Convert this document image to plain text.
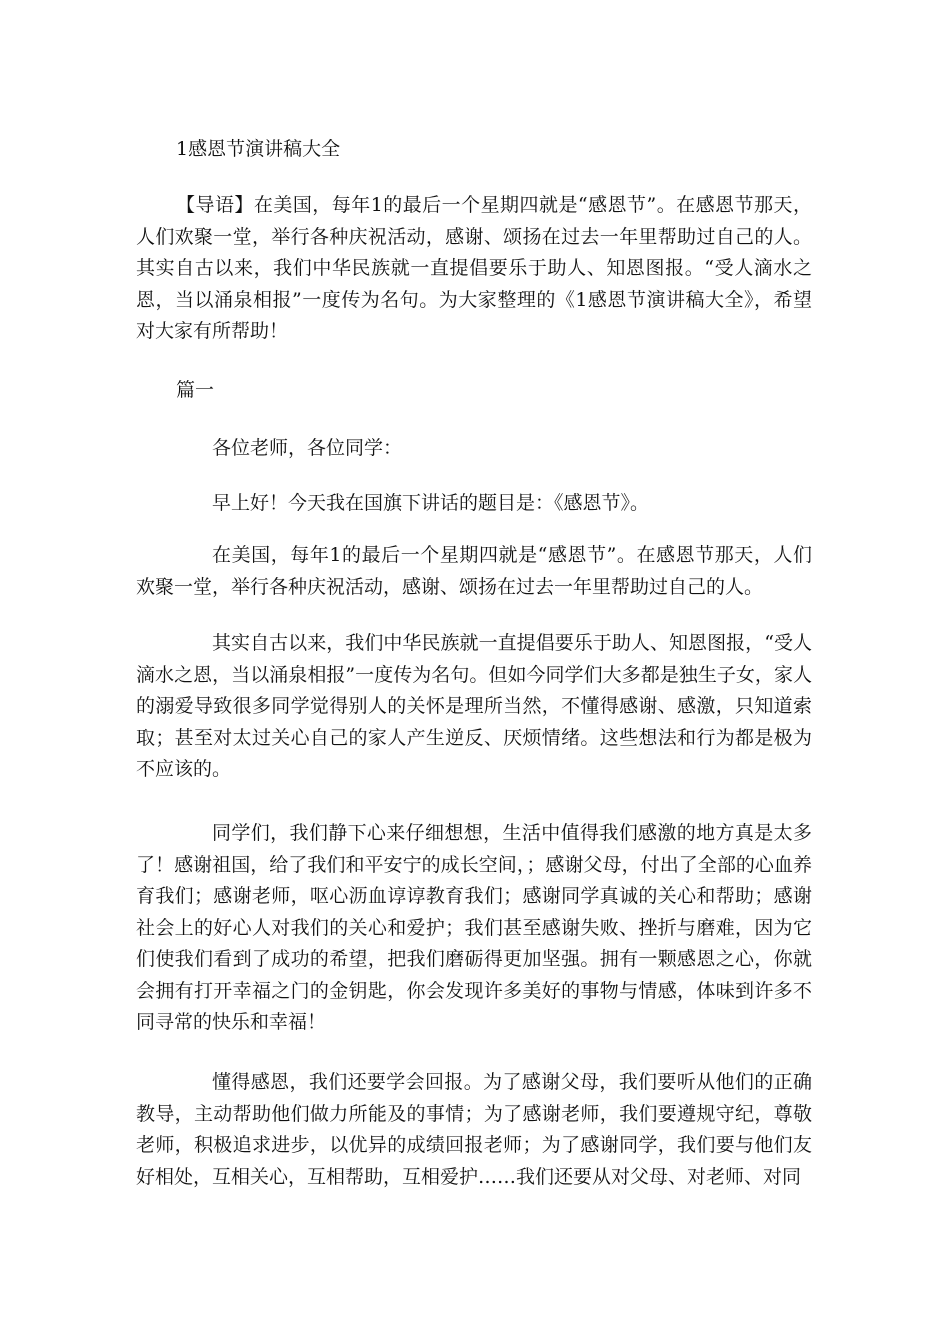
1感恩节演讲稿大全

【导语】在美国，每年1的最后一个星期四就是“感恩节”。在感恩节那天，人们欢聚一堂，举行各种庆祝活动，感谢、颂扬在过去一年里帮助过自己的人。其实自古以来，我们中华民族就一直提倡要乐于助人、知恩图报。“受人滴水之恩，当以涌泉相报”一度传为名句。为大家整理的《1感恩节演讲稿大全》，希望对大家有所帮助！

篇一
各位老师，各位同学：
早上好！今天我在国旗下讲话的题目是：《感恩节》。

在美国，每年1的最后一个星期四就是“感恩节”。在感恩节那天，人们欢聚一堂，举行各种庆祝活动，感谢、颂扬在过去一年里帮助过自己的人。

其实自古以来，我们中华民族就一直提倡要乐于助人、知恩图报，“受人滴水之恩，当以涌泉相报”一度传为名句。但如今同学们大多都是独生子女，家人的溺爱导致很多同学觉得别人的关怀是理所当然，不懂得感谢、感激，只知道索取；甚至对太过关心自己的家人产生逆反、厌烦情绪。这些想法和行为都是极为不应该的。

同学们，我们静下心来仔细想想，生活中值得我们感激的地方真是太多了！感谢祖国，给了我们和平安宁的成长空间，；感谢父母，付出了全部的心血养育我们；感谢老师，呕心沥血谆谆教育我们；感谢同学真诚的关心和帮助；感谢社会上的好心人对我们的关心和爱护；我们甚至感谢失败、挫折与磨难，因为它们使我们看到了成功的希望，把我们磨砺得更加坚强。拥有一颗感恩之心，你就会拥有打开幸福之门的金钥匙，你会发现许多美好的事物与情感，体味到许多不同寻常的快乐和幸福！

懂得感恩，我们还要学会回报。为了感谢父母，我们要听从他们的正确教导，主动帮助他们做力所能及的事情；为了感谢老师，我们要遵规守纪，尊敬老师，积极追求进步，以优异的成绩回报老师；为了感谢同学，我们要与他们友好相处，互相关心，互相帮助，互相爱护……我们还要从对父母、对老师、对同
